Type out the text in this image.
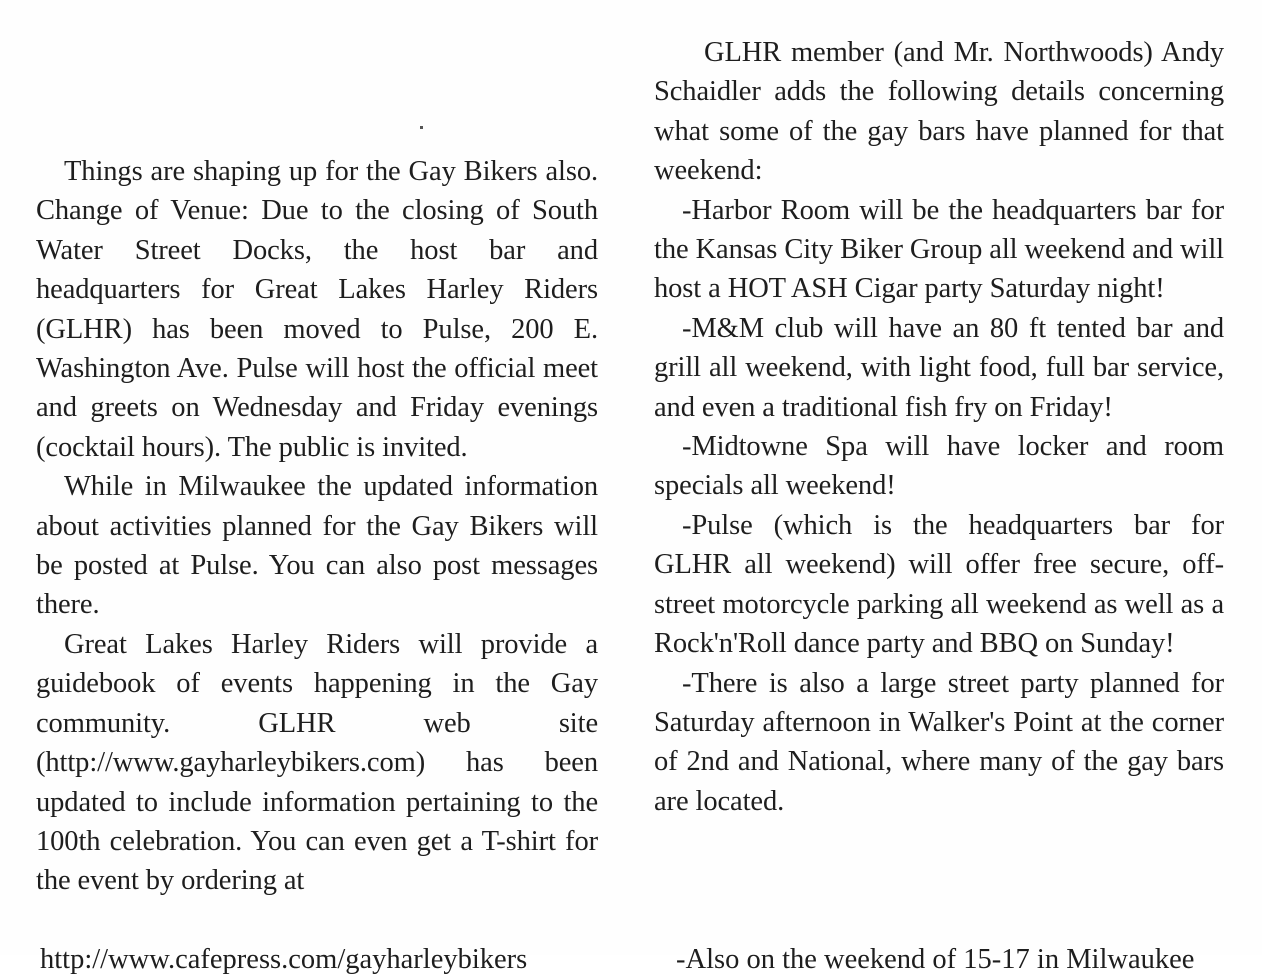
Things are shaping up for the Gay Bikers also. Change of Venue: Due to the closing of South Water Street Docks, the host bar and headquarters for Great Lakes Harley Riders (GLHR) has been moved to Pulse, 200 E. Washington Ave. Pulse will host the official meet and greets on Wednesday and Friday evenings (cocktail hours). The public is invited.

While in Milwaukee the updated information about activities planned for the Gay Bikers will be posted at Pulse. You can also post messages there.

Great Lakes Harley Riders will provide a guidebook of events happening in the Gay community. GLHR web site (http://www.gayharleybikers.com) has been updated to include information pertaining to the 100th celebration. You can even get a T-shirt for the event by ordering at

http://www.cafepress.com/gayharleybikers

GLHR member (and Mr. Northwoods) Andy Schaidler adds the following details concerning what some of the gay bars have planned for that weekend:

-Harbor Room will be the headquarters bar for the Kansas City Biker Group all weekend and will host a HOT ASH Cigar party Saturday night!

-M&M club will have an 80 ft tented bar and grill all weekend, with light food, full bar service, and even a traditional fish fry on Friday!

-Midtowne Spa will have locker and room specials all weekend!

-Pulse (which is the headquarters bar for GLHR all weekend) will offer free secure, off-street motorcycle parking all weekend as well as a Rock'n'Roll dance party and BBQ on Sunday!

-There is also a large street party planned for Saturday afternoon in Walker's Point at the corner of 2nd and National, where many of the gay bars are located.

-Also on the weekend of 15-17 in Milwaukee
